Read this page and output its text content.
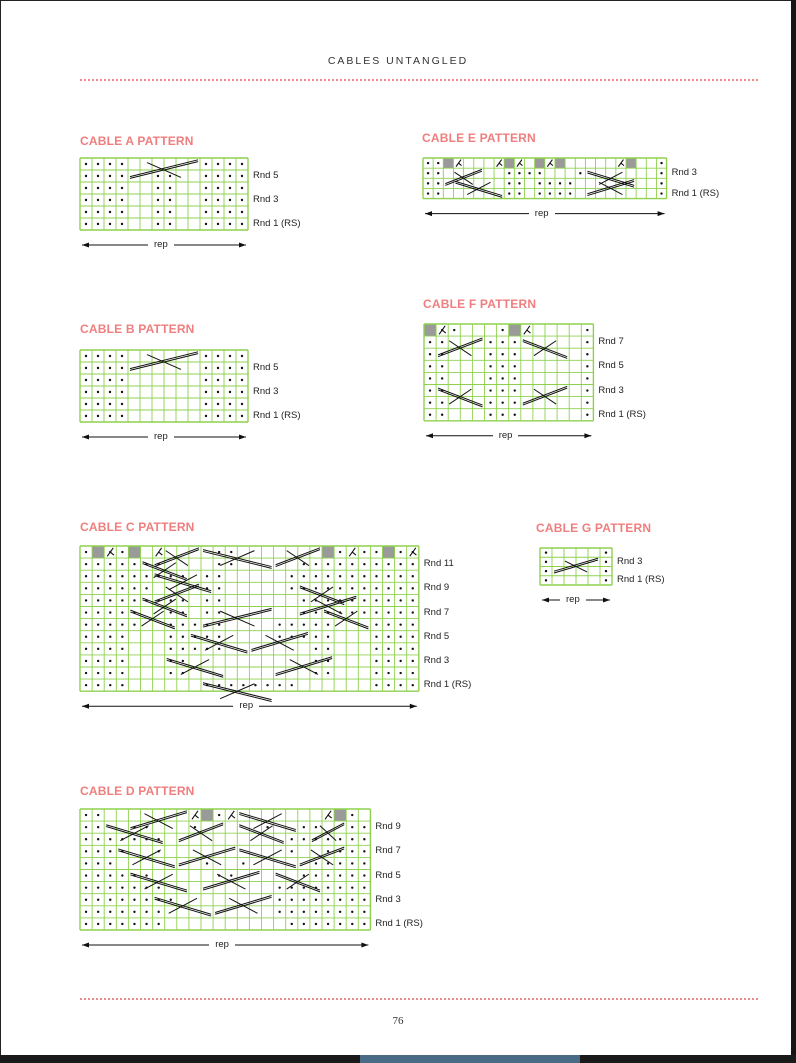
CABLES UNTANGLED
76
CABLE A PATTERN
Rnd 5
Rnd 3
Rnd 1 (RS)
rep
CABLE B PATTERN
Rnd 5
Rnd 3
Rnd 1 (RS)
rep
CABLE C PATTERN
Rnd 11
Rnd 9
Rnd 7
Rnd 5
Rnd 3
Rnd 1 (RS)
rep
CABLE D PATTERN
Rnd 9
Rnd 7
Rnd 5
Rnd 3
Rnd 1 (RS)
rep
CABLE E PATTERN
Rnd 3
Rnd 1 (RS)
rep
CABLE F PATTERN
Rnd 7
Rnd 5
Rnd 3
Rnd 1 (RS)
rep
CABLE G PATTERN
Rnd 3
Rnd 1 (RS)
rep
